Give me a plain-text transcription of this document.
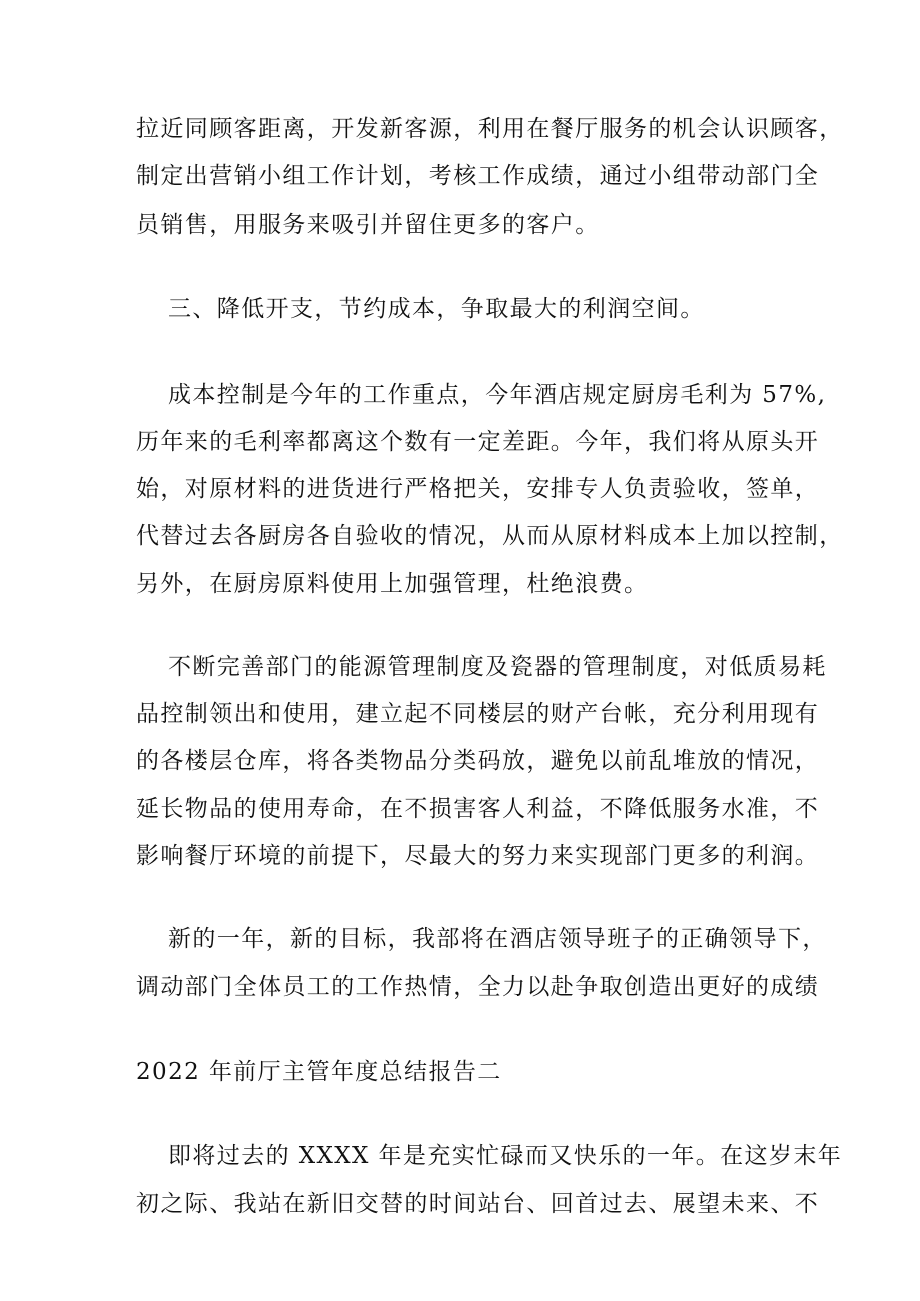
拉近同顾客距离，开发新客源，利用在餐厅服务的机会认识顾客，
制定出营销小组工作计划，考核工作成绩，通过小组带动部门全
员销售，用服务来吸引并留住更多的客户。
三、降低开支，节约成本，争取最大的利润空间。
成本控制是今年的工作重点，今年酒店规定厨房毛利为 57%,
历年来的毛利率都离这个数有一定差距。今年，我们将从原头开
始，对原材料的进货进行严格把关，安排专人负责验收，签单，
代替过去各厨房各自验收的情况，从而从原材料成本上加以控制，
另外，在厨房原料使用上加强管理，杜绝浪费。
不断完善部门的能源管理制度及瓷器的管理制度，对低质易耗
品控制领出和使用，建立起不同楼层的财产台帐，充分利用现有
的各楼层仓库，将各类物品分类码放，避免以前乱堆放的情况，
延长物品的使用寿命，在不损害客人利益，不降低服务水准，不
影响餐厅环境的前提下，尽最大的努力来实现部门更多的利润。
新的一年，新的目标，我部将在酒店领导班子的正确领导下，
调动部门全体员工的工作热情，全力以赴争取创造出更好的成绩
2022 年前厅主管年度总结报告二
即将过去的 XXXX 年是充实忙碌而又快乐的一年。在这岁末年
初之际、我站在新旧交替的时间站台、回首过去、展望未来、不
